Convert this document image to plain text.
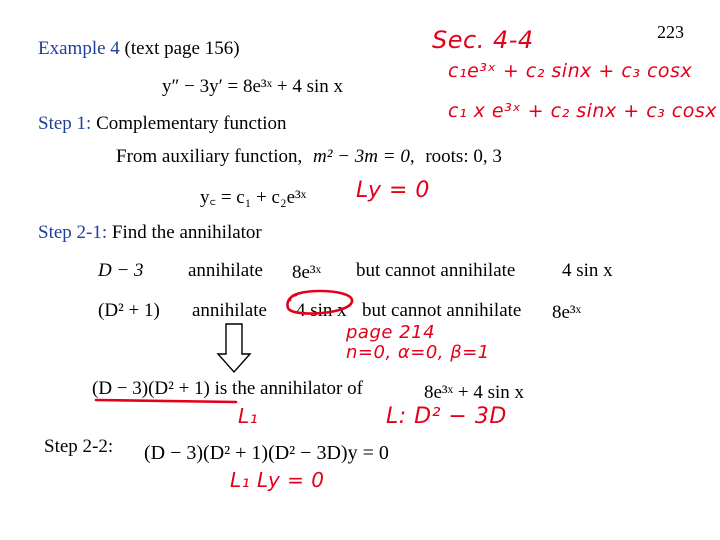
223
Example 4 (text page 156)
y″ − 3y′ = 8e³ˣ + 4 sin x
Step 1: Complementary function
From auxiliary function, m² − 3m = 0, roots: 0, 3
y꜀ = c₁ + c₂e³ˣ
Step 2-1: Find the annihilator
D − 3 annihilate 8e³ˣ but cannot annihilate 4 sin x
(D² + 1) annihilate 4 sin x but cannot annihilate 8e³ˣ
(D − 3)(D² + 1) is the annihilator of	8e³ˣ + 4 sin x
Step 2-2: (D − 3)(D² + 1)(D² − 3D)y = 0
Sec. 4-4
c₁e³ˣ + c₂ sinx + c₃ cosx
c₁ x e³ˣ + c₂ sinx + c₃ cosx
Ly = 0
page 214
n=0, α=0, β=1
L₁	L: D² − 3D
L₁ Ly = 0
